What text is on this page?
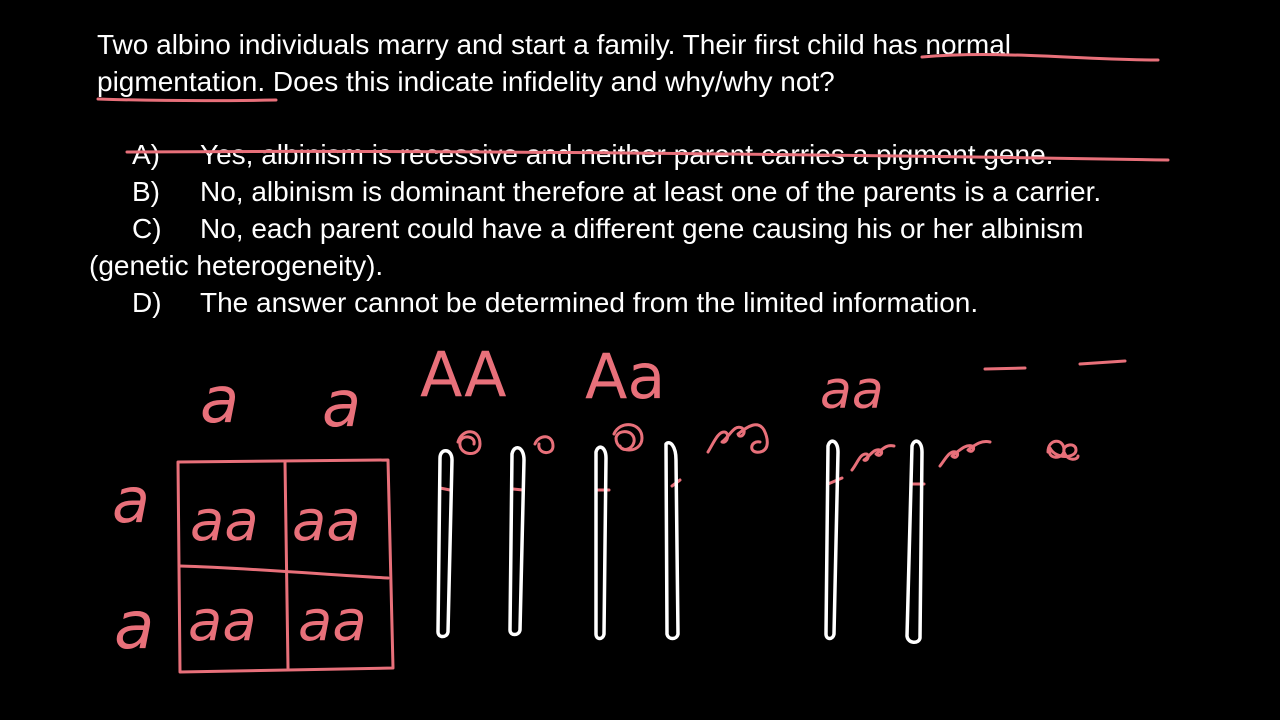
Two albino individuals marry and start a family. Their first child has normal
pigmentation. Does this indicate infidelity and why/why not?

A) Yes, albinism is recessive and neither parent carries a pigment gene.
B) No, albinism is dominant therefore at least one of the parents is a carrier.
C) No, each parent could have a different gene causing his or her albinism
(genetic heterogeneity).
D) The answer cannot be determined from the limited information.
a a
a
a
aa aa
aa aa
AA Aa	aa
